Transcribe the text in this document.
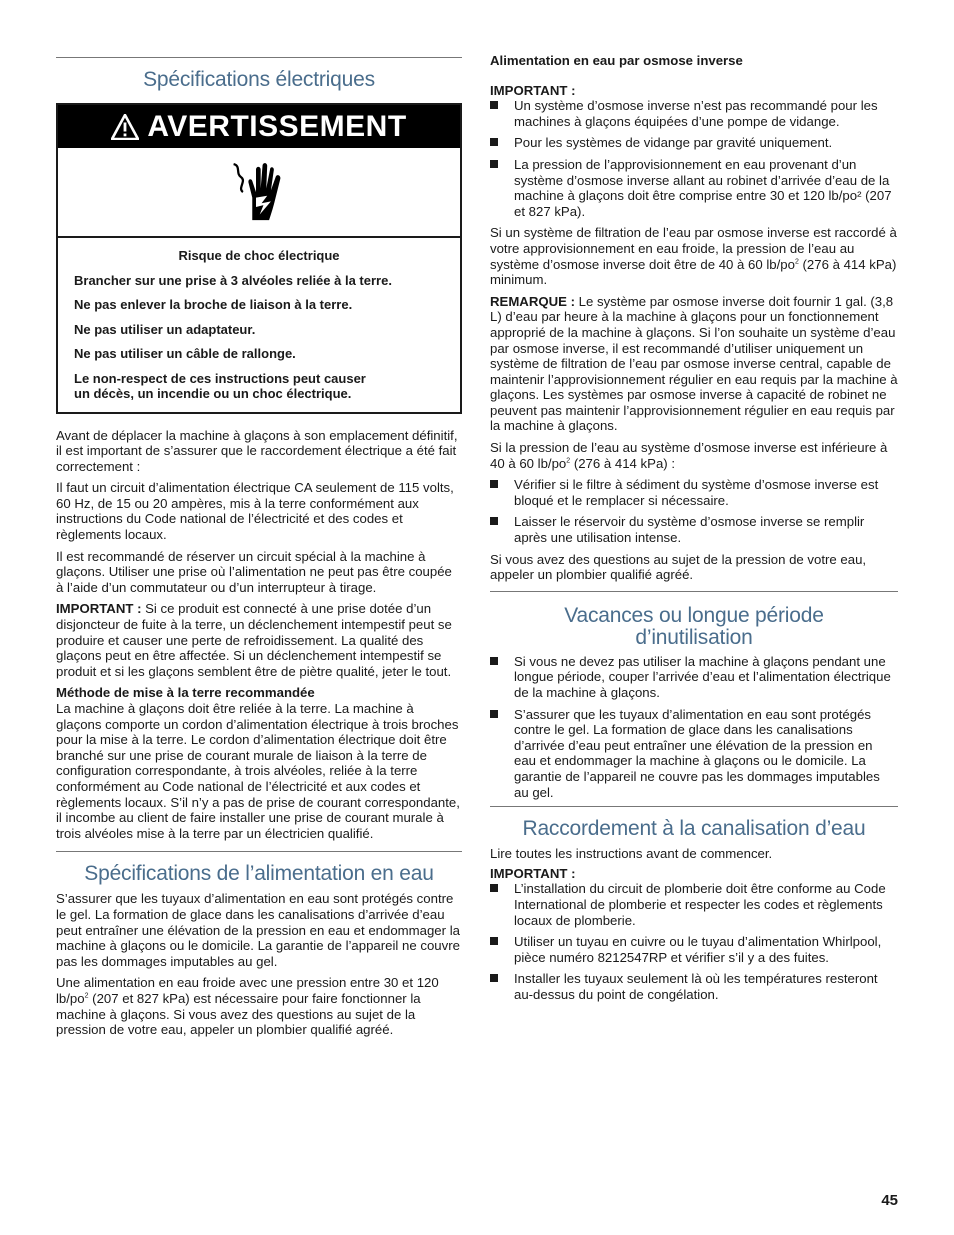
Spécifications électriques
AVERTISSEMENT

Risque de choc électrique

Brancher sur une prise à 3 alvéoles reliée à la terre.

Ne pas enlever la broche de liaison à la terre.

Ne pas utiliser un adaptateur.

Ne pas utiliser un câble de rallonge.

Le non-respect de ces instructions peut causer

un décès, un incendie ou un choc électrique.

Avant de déplacer la machine à glaçons à son emplacement définitif, il est important de s’assurer que le raccordement électrique a été fait correctement :

Il faut un circuit d’alimentation électrique CA seulement de 115 volts, 60 Hz, de 15 ou 20 ampères, mis à la terre conformément aux instructions du Code national de l’électricité et des codes et règlements locaux.

Il est recommandé de réserver un circuit spécial à la machine à glaçons. Utiliser une prise où l’alimentation ne peut pas être coupée à l’aide d’un commutateur ou d’un interrupteur à tirage.

IMPORTANT : Si ce produit est connecté à une prise dotée d’un disjoncteur de fuite à la terre, un déclenchement intempestif peut se produire et causer une perte de refroidissement. La qualité des glaçons peut en être affectée. Si un déclenchement intempestif se produit et si les glaçons semblent être de piètre qualité, jeter le tout.

Méthode de mise à la terre recommandée

La machine à glaçons doit être reliée à la terre. La machine à glaçons comporte un cordon d’alimentation électrique à trois broches pour la mise à la terre. Le cordon d’alimentation électrique doit être branché sur une prise de courant murale de liaison à la terre de configuration correspondante, à trois alvéoles, reliée à la terre conformément au Code national de l’électricité et aux codes et règlements locaux. S’il n’y a pas de prise de courant correspondante, il incombe au client de faire installer une prise de courant murale à trois alvéoles mise à la terre par un électricien qualifié.

Spécifications de l’alimentation en eau

S’assurer que les tuyaux d’alimentation en eau sont protégés contre le gel. La formation de glace dans les canalisations d’arrivée d’eau peut entraîner une élévation de la pression en eau et endommager la machine à glaçons ou le domicile. La garantie de l’appareil ne couvre pas les dommages imputables au gel.

Une alimentation en eau froide avec une pression entre 30 et 120 $lb/po^2$ (207 et 827 kPa) est nécessaire pour faire fonctionner la machine à glaçons. Si vous avez des questions au sujet de la pression de votre eau, appeler un plombier qualifié agréé.

Alimentation en eau par osmose inverse

IMPORTANT :

Un système d’osmose inverse n’est pas recommandé pour les machines à glaçons équipées d’une pompe de vidange.
Pour les systèmes de vidange par gravité uniquement.
La pression de l’approvisionnement en eau provenant d’un système d’osmose inverse allant au robinet d’arrivée d’eau de la machine à glaçons doit être comprise entre 30 et 120 lb/po² (207 et 827 kPa).

Si un système de filtration de l’eau par osmose inverse est raccordé à votre approvisionnement en eau froide, la pression de l’eau au système d’osmose inverse doit être de 40 à 60 $lb/po^2$ (276 à 414 kPa) minimum.

REMARQUE : Le système par osmose inverse doit fournir 1 gal. (3,8 L) d’eau par heure à la machine à glaçons pour un fonctionnement approprié de la machine à glaçons. Si l’on souhaite un système d’eau par osmose inverse, il est recommandé d’utiliser uniquement un système de filtration de l’eau par osmose inverse central, capable de maintenir l’approvisionnement régulier en eau requis par la machine à glaçons. Les systèmes par osmose inverse à capacité de robinet ne peuvent pas maintenir l’approvisionnement régulier en eau requis par la machine à glaçons.

Si la pression de l’eau au système d’osmose inverse est inférieure à 40 à 60 $lb/po^2$ (276 à 414 kPa) :

Vérifier si le filtre à sédiment du système d’osmose inverse est bloqué et le remplacer si nécessaire.
Laisser le réservoir du système d’osmose inverse se remplir après une utilisation intense.

Si vous avez des questions au sujet de la pression de votre eau, appeler un plombier qualifié agréé.

Vacances ou longue période
d’inutilisation
Si vous ne devez pas utiliser la machine à glaçons pendant une longue période, couper l’arrivée d’eau et l’alimentation électrique de la machine à glaçons.
S’assurer que les tuyaux d’alimentation en eau sont protégés contre le gel. La formation de glace dans les canalisations d’arrivée d’eau peut entraîner une élévation de la pression en eau et endommager la machine à glaçons ou le domicile. La garantie de l’appareil ne couvre pas les dommages imputables au gel.
Raccordement à la canalisation d’eau

Lire toutes les instructions avant de commencer.

IMPORTANT :

L’installation du circuit de plomberie doit être conforme au Code International de plomberie et respecter les codes et règlements locaux de plomberie.
Utiliser un tuyau en cuivre ou le tuyau d’alimentation Whirlpool, pièce numéro 8212547RP et vérifier s’il y a des fuites.
Installer les tuyaux seulement là où les températures resteront au-dessus du point de congélation.
45
